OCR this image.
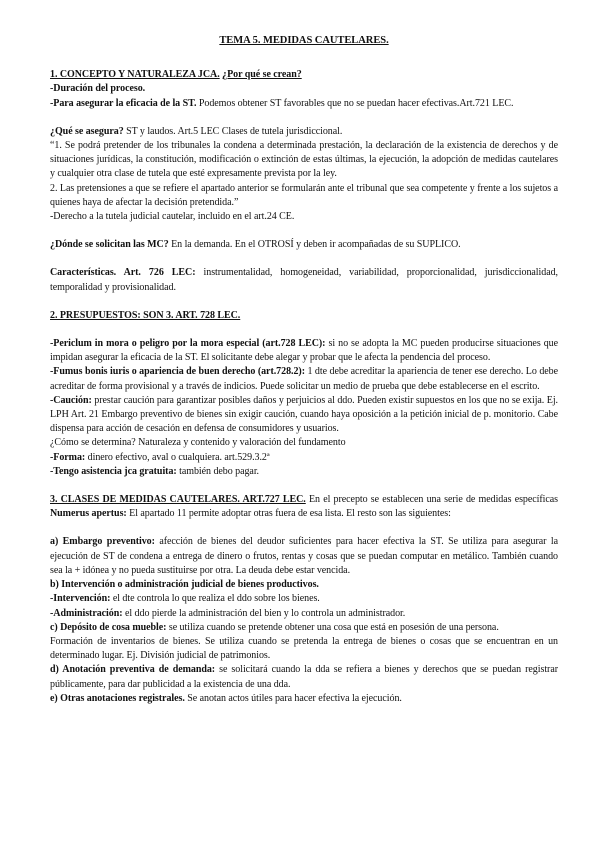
TEMA 5. MEDIDAS CAUTELARES.

1. CONCEPTO Y NATURALEZA JCA. ¿Por qué se crean?

-Duración del proceso.

-Para asegurar la eficacia de la ST. Podemos obtener ST favorables que no se puedan hacer efectivas.Art.721 LEC.

¿Qué se asegura? ST y laudos. Art.5 LEC Clases de tutela jurisdiccional.

“1. Se podrá pretender de los tribunales la condena a determinada prestación, la declaración de la existencia de derechos y de situaciones jurídicas, la constitución, modificación o extinción de estas últimas, la ejecución, la adopción de medidas cautelares y cualquier otra clase de tutela que esté expresamente prevista por la ley.

2. Las pretensiones a que se refiere el apartado anterior se formularán ante el tribunal que sea competente y frente a los sujetos a quienes haya de afectar la decisión pretendida.”

-Derecho a la tutela judicial cautelar, incluido en el art.24 CE.

¿Dónde se solicitan las MC? En la demanda. En el OTROSÍ y deben ir acompañadas de su SUPLICO.

Características. Art. 726 LEC: instrumentalidad, homogeneidad, variabilidad, proporcionalidad, jurisdiccionalidad, temporalidad y provisionalidad.

2. PRESUPUESTOS: SON 3. ART. 728 LEC.

-Periclum in mora o peligro por la mora especial (art.728 LEC): si no se adopta la MC pueden producirse situaciones que impidan asegurar la eficacia de la ST. El solicitante debe alegar y probar que le afecta la pendencia del proceso.

-Fumus bonis iuris o apariencia de buen derecho (art.728.2): 1 dte debe acreditar la apariencia de tener ese derecho. Lo debe acreditar de forma provisional y a través de indicios. Puede solicitar un medio de prueba que debe establecerse en el escrito.

-Caución: prestar caución para garantizar posibles daños y perjuicios al ddo. Pueden existir supuestos en los que no se exija. Ej. LPH Art. 21 Embargo preventivo de bienes sin exigir caución, cuando haya oposición a la petición inicial de p. monitorio. Cabe dispensa para acción de cesación en defensa de consumidores y usuarios.

¿Cómo se determina? Naturaleza y contenido y valoración del fundamento

-Forma: dinero efectivo, aval o cualquiera. art.529.3.2ª

-Tengo asistencia jca gratuita: también debo pagar.

3. CLASES DE MEDIDAS CAUTELARES. ART.727 LEC. En el precepto se establecen una serie de medidas específicas Numerus apertus: El apartado 11 permite adoptar otras fuera de esa lista. El resto son las siguientes:

a) Embargo preventivo: afección de bienes del deudor suficientes para hacer efectiva la ST. Se utiliza para asegurar la ejecución de ST de condena a entrega de dinero o frutos, rentas y cosas que se puedan computar en metálico. También cuando sea la + idónea y no pueda sustituirse por otra. La deuda debe estar vencida.

b) Intervención o administración judicial de bienes productivos.

-Intervención: el dte controla lo que realiza el ddo sobre los bienes.

-Administración: el ddo pierde la administración del bien y lo controla un administrador.

c) Depósito de cosa mueble: se utiliza cuando se pretende obtener una cosa que está en posesión de una persona.

Formación de inventarios de bienes. Se utiliza cuando se pretenda la entrega de bienes o cosas que se encuentran en un determinado lugar. Ej. División judicial de patrimonios.

d) Anotación preventiva de demanda: se solicitará cuando la dda se refiera a bienes y derechos que se puedan registrar públicamente, para dar publicidad a la existencia de una dda.

e) Otras anotaciones registrales. Se anotan actos útiles para hacer efectiva la ejecución.
